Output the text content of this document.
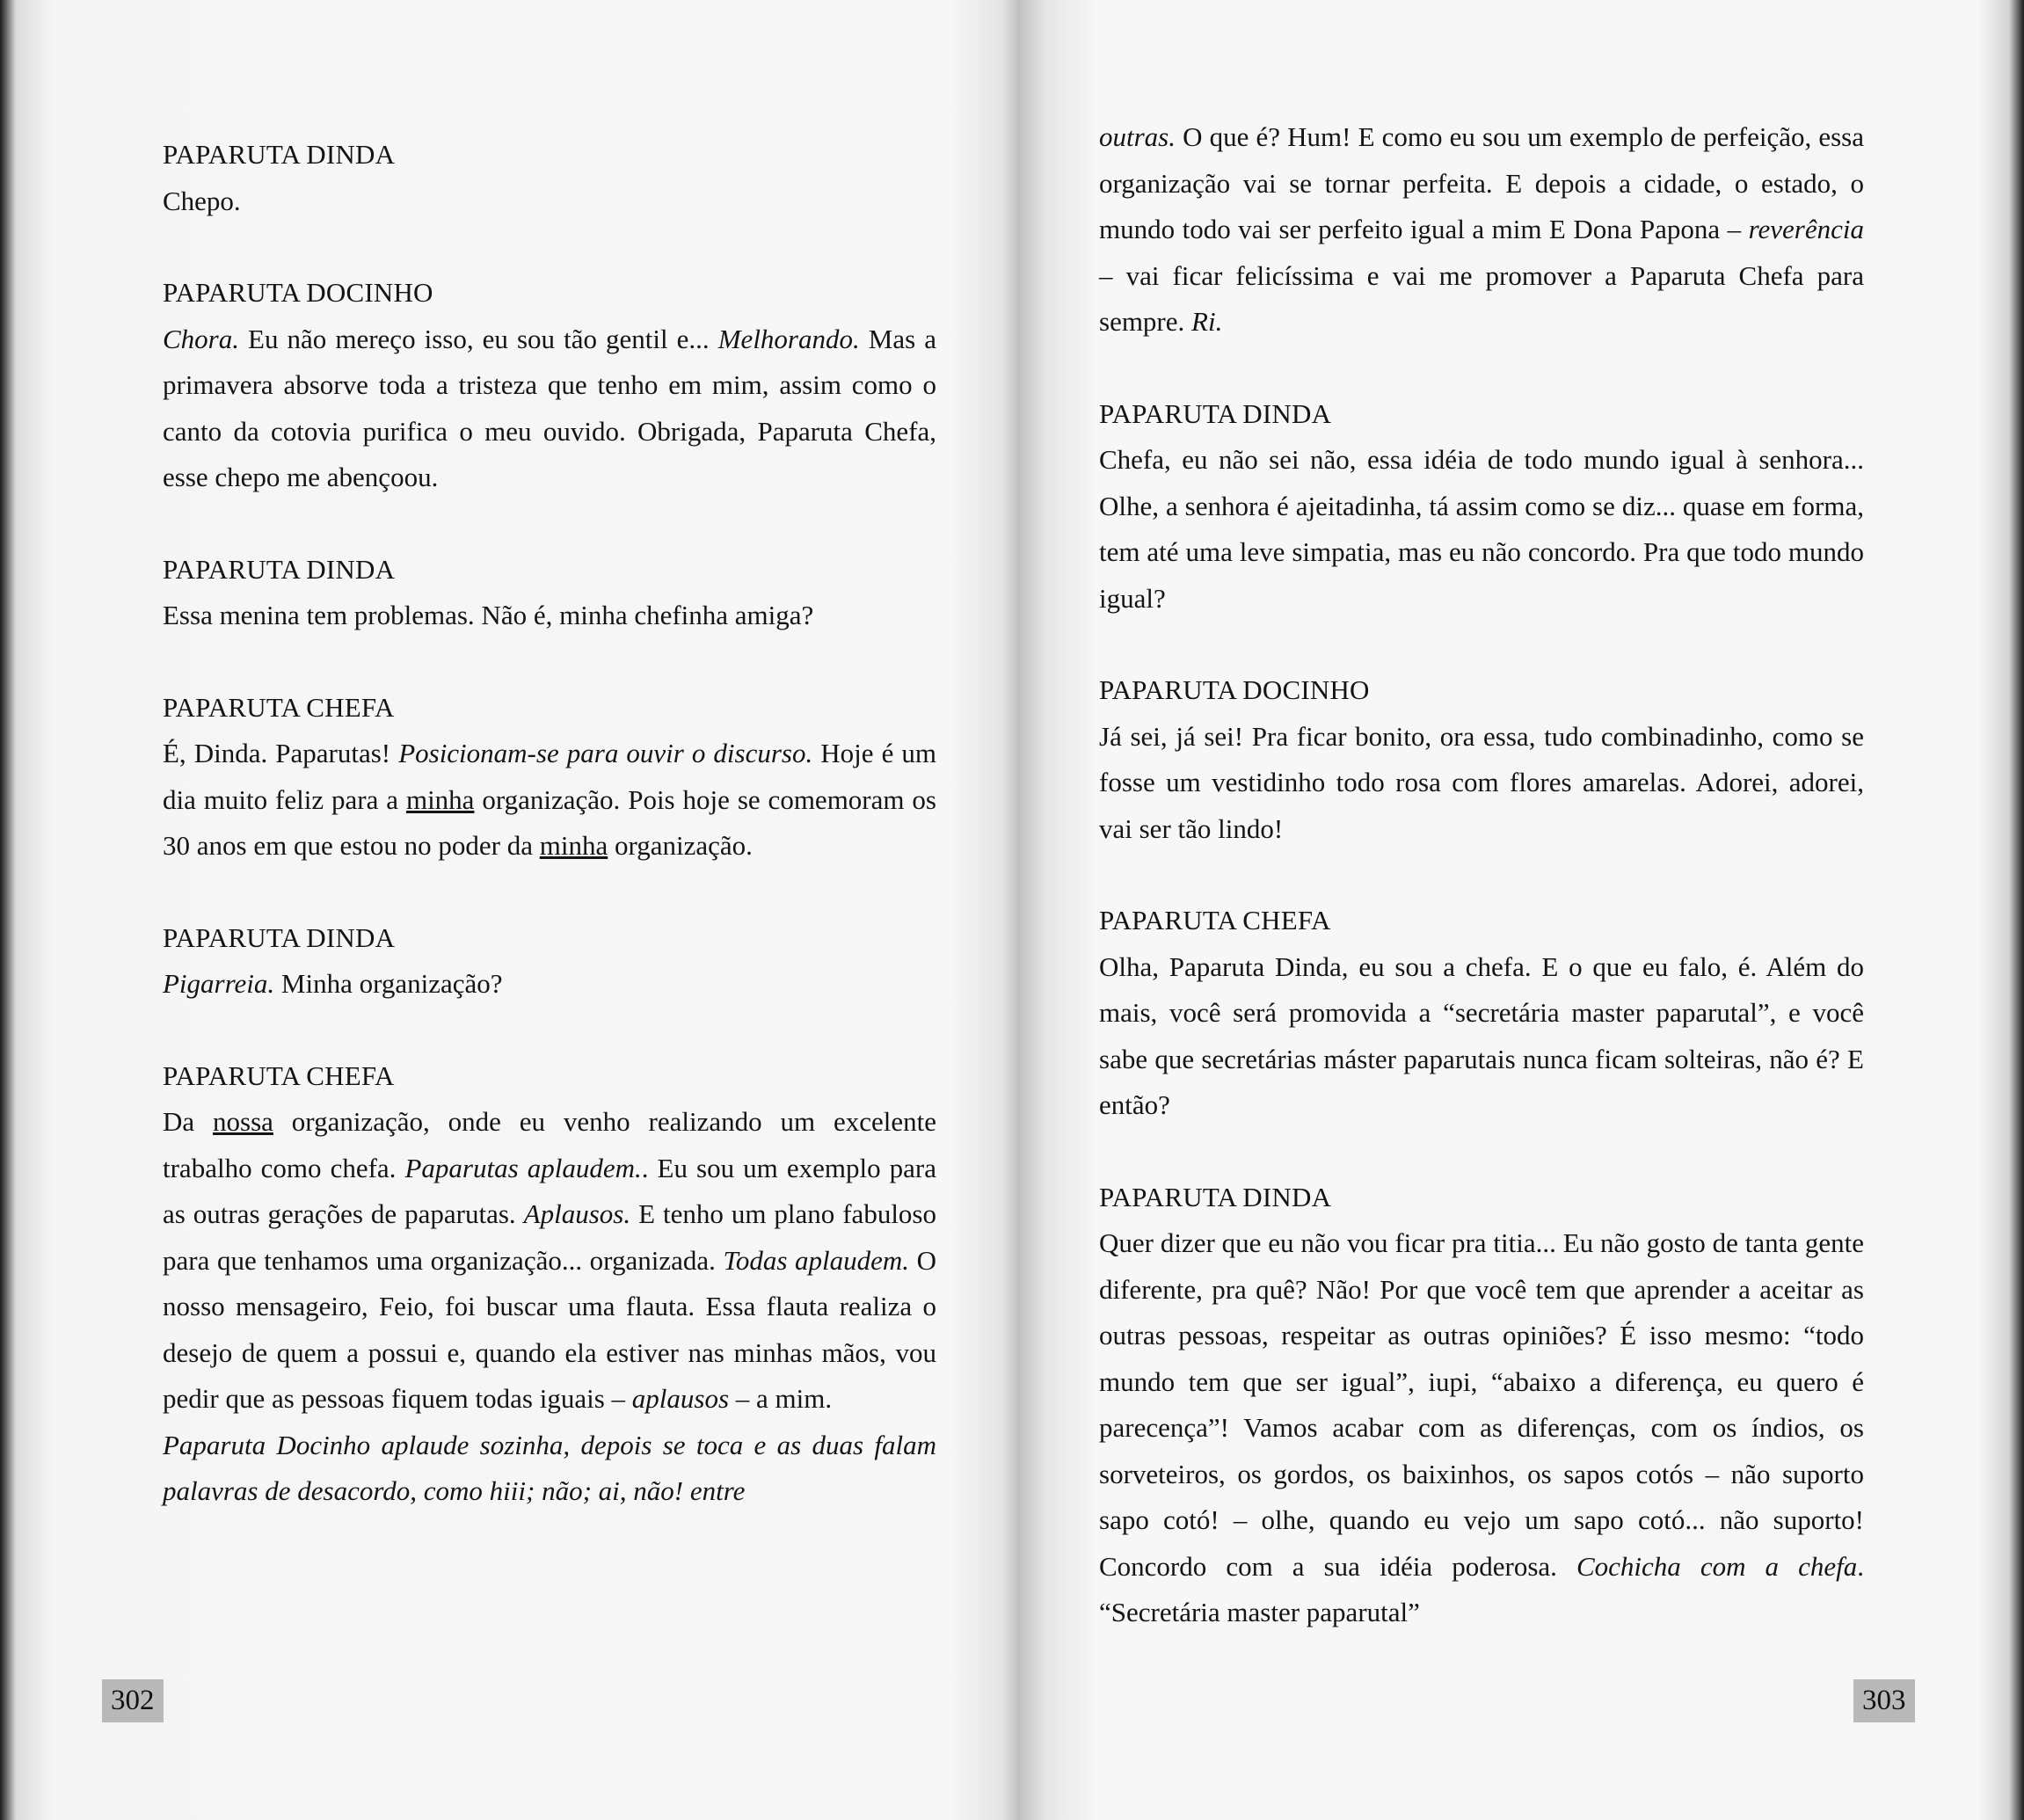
PAPARUTA DINDA

Chepo.

PAPARUTA DOCINHO

Chora. Eu não mereço isso, eu sou tão gentil e... Melhorando. Mas a primavera absorve toda a tristeza que tenho em mim, assim como o canto da cotovia purifica o meu ouvido. Obrigada, Paparuta Chefa, esse chepo me abençoou.

PAPARUTA DINDA

Essa menina tem problemas. Não é, minha chefinha amiga?

PAPARUTA CHEFA

É, Dinda. Paparutas! Posicionam-se para ouvir o discurso. Hoje é um dia muito feliz para a minha organização. Pois hoje se comemoram os 30 anos em que estou no poder da minha organização.

PAPARUTA DINDA

Pigarreia. Minha organização?

PAPARUTA CHEFA

Da nossa organização, onde eu venho realizando um excelente trabalho como chefa. Paparutas aplaudem.. Eu sou um exemplo para as outras gerações de paparutas. Aplausos. E tenho um plano fabuloso para que tenhamos uma organização... organizada. Todas aplaudem. O nosso mensageiro, Feio, foi buscar uma flauta. Essa flauta realiza o desejo de quem a possui e, quando ela estiver nas minhas mãos, vou pedir que as pessoas fiquem todas iguais – aplausos – a mim.

Paparuta Docinho aplaude sozinha, depois se toca e as duas falam palavras de desacordo, como hiii; não; ai, não! entre

302

outras. O que é? Hum! E como eu sou um exemplo de perfeição, essa organização vai se tornar perfeita. E depois a cidade, o estado, o mundo todo vai ser perfeito igual a mim E Dona Papona – reverência – vai ficar felicíssima e vai me promover a Paparuta Chefa para sempre. Ri.

PAPARUTA DINDA

Chefa, eu não sei não, essa idéia de todo mundo igual à senhora... Olhe, a senhora é ajeitadinha, tá assim como se diz... quase em forma, tem até uma leve simpatia, mas eu não concordo. Pra que todo mundo igual?

PAPARUTA DOCINHO

Já sei, já sei! Pra ficar bonito, ora essa, tudo combinadinho, como se fosse um vestidinho todo rosa com flores amarelas. Adorei, adorei, vai ser tão lindo!

PAPARUTA CHEFA

Olha, Paparuta Dinda, eu sou a chefa. E o que eu falo, é. Além do mais, você será promovida a “secretária master paparutal”, e você sabe que secretárias máster paparutais nunca ficam solteiras, não é? E então?

PAPARUTA DINDA

Quer dizer que eu não vou ficar pra titia... Eu não gosto de tanta gente diferente, pra quê? Não! Por que você tem que aprender a aceitar as outras pessoas, respeitar as outras opiniões? É isso mesmo: “todo mundo tem que ser igual”, iupi, “abaixo a diferença, eu quero é parecença”! Vamos acabar com as diferenças, com os índios, os sorveteiros, os gordos, os baixinhos, os sapos cotós – não suporto sapo cotó! – olhe, quando eu vejo um sapo cotó... não suporto! Concordo com a sua idéia poderosa. Cochicha com a chefa. “Secretária master paparutal”

303
